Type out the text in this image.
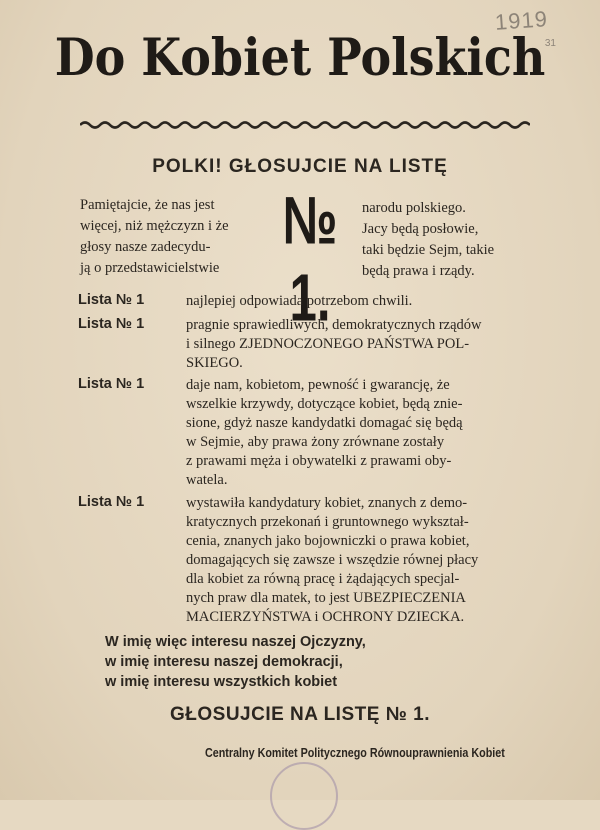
1919
31
Do Kobiet Polskich
POLKI! GŁOSUJCIE NA LISTĘ
Pamiętajcie, że nas jest
więcej, niż mężczyzn i że
głosy nasze zadecydu-
ją o przedstawicielstwie
№ 1.
narodu polskiego.
Jacy będą posłowie,
taki będzie Sejm, takie
będą prawa i rządy.
Lista № 1	najlepiej odpowiada potrzebom chwili.
Lista № 1	pragnie sprawiedliwych, demokratycznych rządów
i silnego ZJEDNOCZONEGO PAŃSTWA POL-
SKIEGO.
Lista № 1	daje nam, kobietom, pewność i gwarancję, że
wszelkie krzywdy, dotyczące kobiet, będą znie-
sione, gdyż nasze kandydatki domagać się będą
w Sejmie, aby prawa żony zrównane zostały
z prawami męża i obywatelki z prawami oby-
watela.
Lista № 1	wystawiła kandydatury kobiet, znanych z demo-
kratycznych przekonań i gruntownego wykształ-
cenia, znanych jako bojowniczki o prawa kobiet,
domagających się zawsze i wszędzie równej płacy
dla kobiet za równą pracę i żądających specjal-
nych praw dla matek, to jest UBEZPIECZENIA
MACIERZYŃSTWA i OCHRONY DZIECKA.
W imię więc interesu naszej Ojczyzny,
w imię interesu naszej demokracji,
w imię interesu wszystkich kobiet
GŁOSUJCIE NA LISTĘ № 1.
Centralny Komitet Politycznego Równouprawnienia Kobiet
